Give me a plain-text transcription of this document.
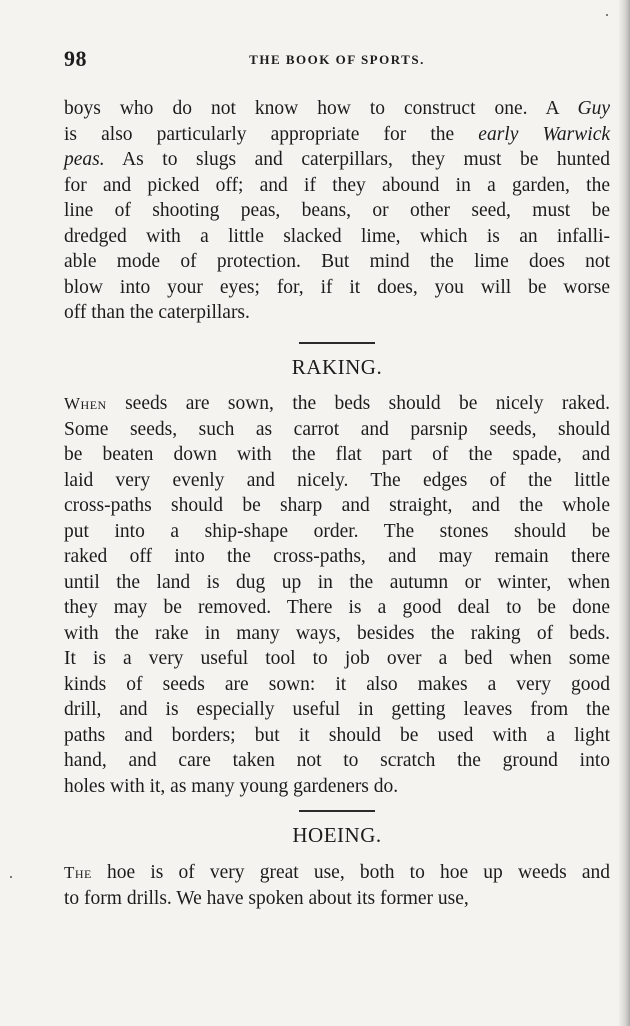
98	THE BOOK OF SPORTS.
boys who do not know how to construct one. A Guy
is also particularly appropriate for the early Warwick
peas. As to slugs and caterpillars, they must be hunted
for and picked off; and if they abound in a garden, the
line of shooting peas, beans, or other seed, must be
dredged with a little slacked lime, which is an infalli-
able mode of protection. But mind the lime does not
blow into your eyes; for, if it does, you will be worse
off than the caterpillars.
RAKING.
When seeds are sown, the beds should be nicely raked.
Some seeds, such as carrot and parsnip seeds, should
be beaten down with the flat part of the spade, and
laid very evenly and nicely. The edges of the little
cross-paths should be sharp and straight, and the whole
put into a ship-shape order. The stones should be
raked off into the cross-paths, and may remain there
until the land is dug up in the autumn or winter, when
they may be removed. There is a good deal to be done
with the rake in many ways, besides the raking of beds.
It is a very useful tool to job over a bed when some
kinds of seeds are sown: it also makes a very good
drill, and is especially useful in getting leaves from the
paths and borders; but it should be used with a light
hand, and care taken not to scratch the ground into
holes with it, as many young gardeners do.
HOEING.
The hoe is of very great use, both to hoe up weeds and
to form drills. We have spoken about its former use,
